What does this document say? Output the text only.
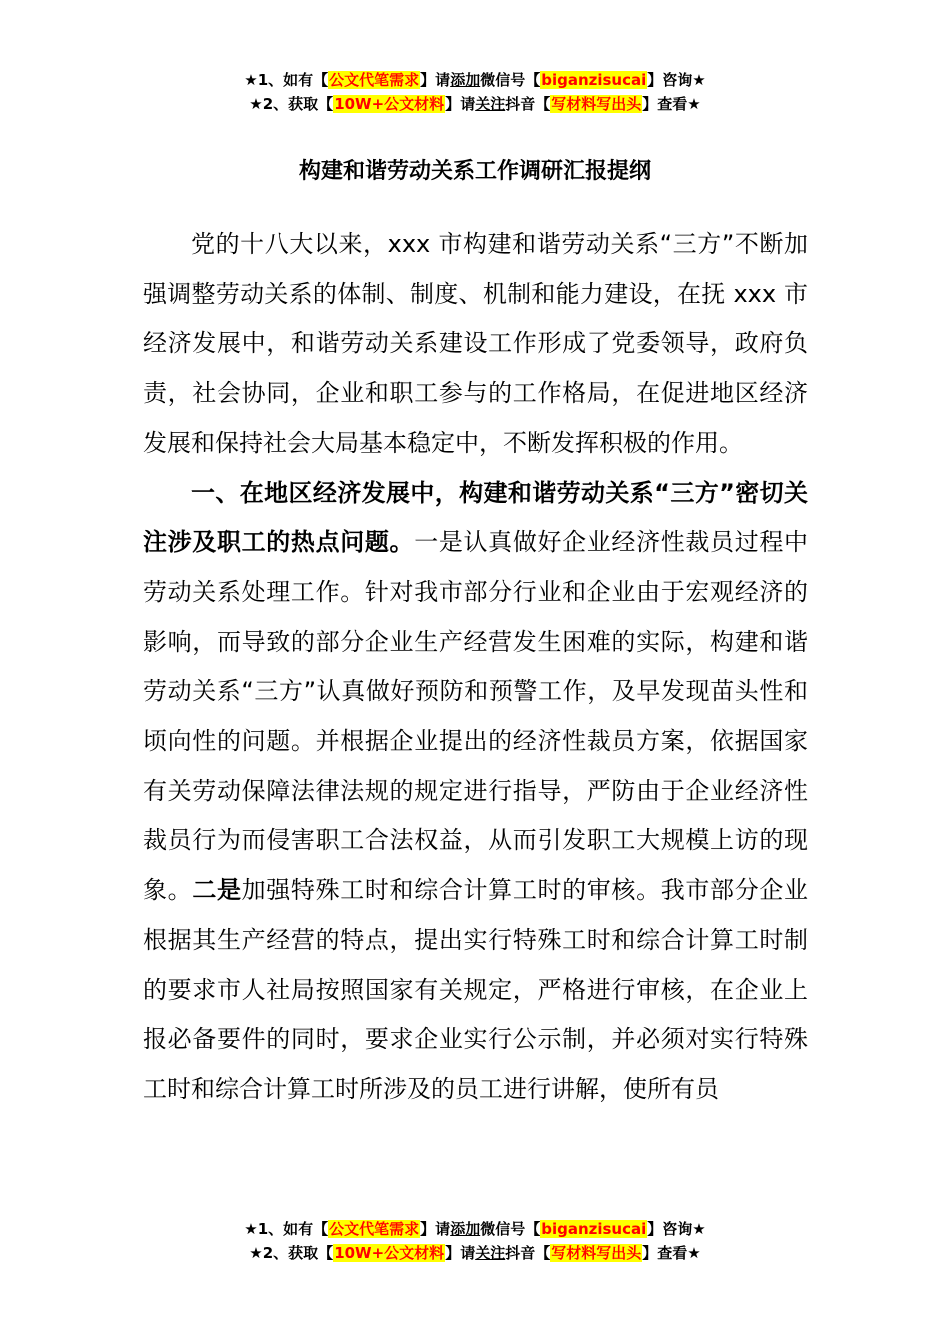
★1、如有【公文代笔需求】请添加微信号【biganzisucai】咨询★
★2、获取【10W+公文材料】请关注抖音【写材料写出头】查看★
构建和谐劳动关系工作调研汇报提纲

党的十八大以来，xxx 市构建和谐劳动关系“三方”不断加强调整劳动关系的体制、制度、机制和能力建设，在抚 xxx 市经济发展中，和谐劳动关系建设工作形成了党委领导，政府负责，社会协同，企业和职工参与的工作格局，在促进地区经济发展和保持社会大局基本稳定中，不断发挥积极的作用。

一、在地区经济发展中，构建和谐劳动关系“三方”密切关注涉及职工的热点问题。一是认真做好企业经济性裁员过程中劳动关系处理工作。针对我市部分行业和企业由于宏观经济的影响，而导致的部分企业生产经营发生困难的实际，构建和谐劳动关系“三方”认真做好预防和预警工作，及早发现苗头性和顷向性的问题。并根据企业提出的经济性裁员方案，依据国家有关劳动保障法律法规的规定进行指导，严防由于企业经济性裁员行为而侵害职工合法权益，从而引发职工大规模上访的现象。二是加强特殊工时和综合计算工时的审核。我市部分企业根据其生产经营的特点，提出实行特殊工时和综合计算工时制的要求市人社局按照国家有关规定，严格进行审核，在企业上报必备要件的同时，要求企业实行公示制，并必须对实行特殊工时和综合计算工时所涉及的员工进行讲解，使所有员

★1、如有【公文代笔需求】请添加微信号【biganzisucai】咨询★
★2、获取【10W+公文材料】请关注抖音【写材料写出头】查看★
